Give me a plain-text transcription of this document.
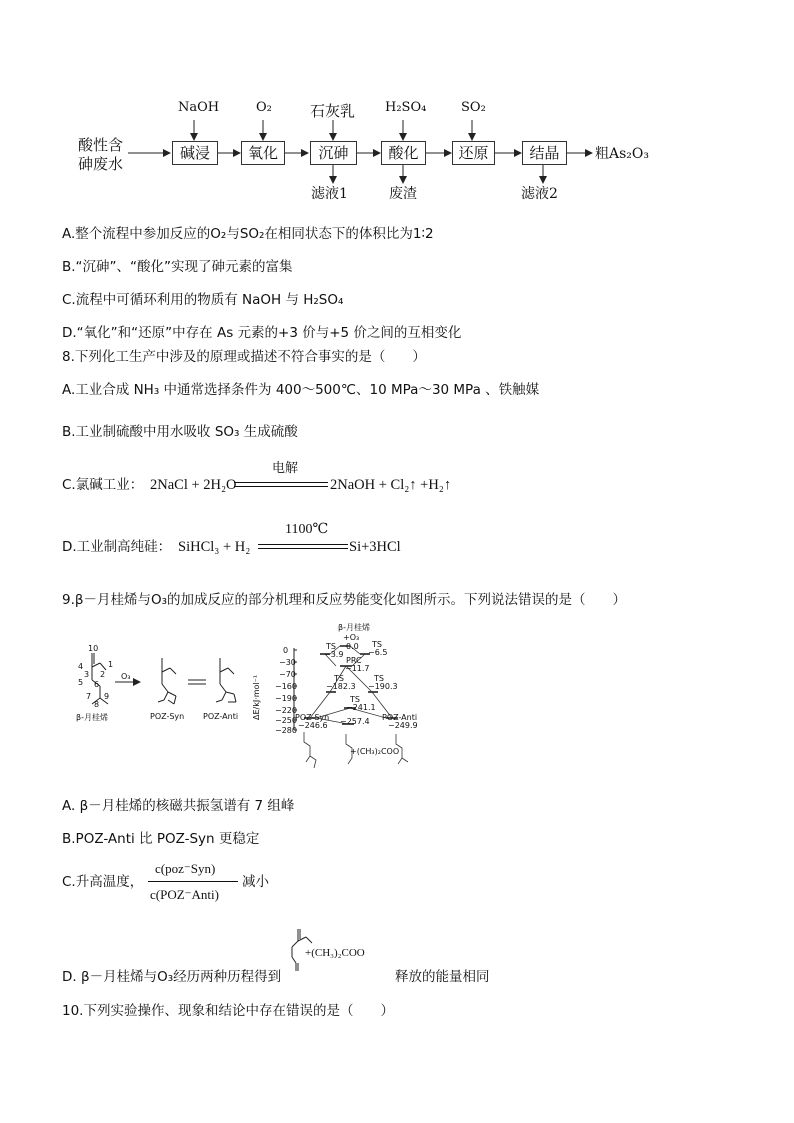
酸性含
砷废水
碱浸	氧化	沉砷	酸化	还原	结晶
NaOH	O₂	石灰乳 H₂SO₄	SO₂
滤液1	废渣	滤液2
粗As₂O₃
A.整个流程中参加反应的O₂与SO₂在相同状态下的体积比为1∶2
B.“沉砷”、“酸化”实现了砷元素的富集
C.流程中可循环利用的物质有 NaOH 与 H₂SO₄
D.“氧化”和“还原”中存在 As 元素的+3 价与+5 价之间的互相变化
8.下列化工生产中涉及的原理或描述不符合事实的是（　　）
A.工业合成 NH₃ 中通常选择条件为 400～500℃、10 MPa～30 MPa 、铁触媒
B.工业制硫酸中用水吸收 SO₃ 生成硫酸
C.氯碱工业： 2NaCl + 2H₂O
电解
2NaOH + Cl₂↑ +H₂↑
D.工业制高纯硅： SiHCl₃ + H₂
1100℃
Si+3HCl
9.β－月桂烯与O₃的加成反应的部分机理和反应势能变化如图所示。下列说法错误的是（　　）
10
1
2
3
4
5 6
7
8
9
O₃
β-月桂烯	POZ-Syn POZ-Anti
β-月桂烯
+O₃
ΔE/kJ·mol⁻¹
0
−30
−70
−160
−190
−220
−250
−280
TS
−3.9
0.0 TS
−6.5
PRC
−11.7
TS
−182.3
TS
−190.3
TS
−241.1
POZ-Syn
−246.6 −257.4 POZ-Anti
−249.9
+(CH₃)₂COO
A. β－月桂烯的核磁共振氢谱有 7 组峰
B.POZ-Anti 比 POZ-Syn 更稳定
C.升高温度，
c(poz⁻Syn)
c(POZ⁻Anti)
减小
D. β－月桂烯与O₃经历两种历程得到
+(CH₃)₂COO
释放的能量相同
10.下列实验操作、现象和结论中存在错误的是（　　）
